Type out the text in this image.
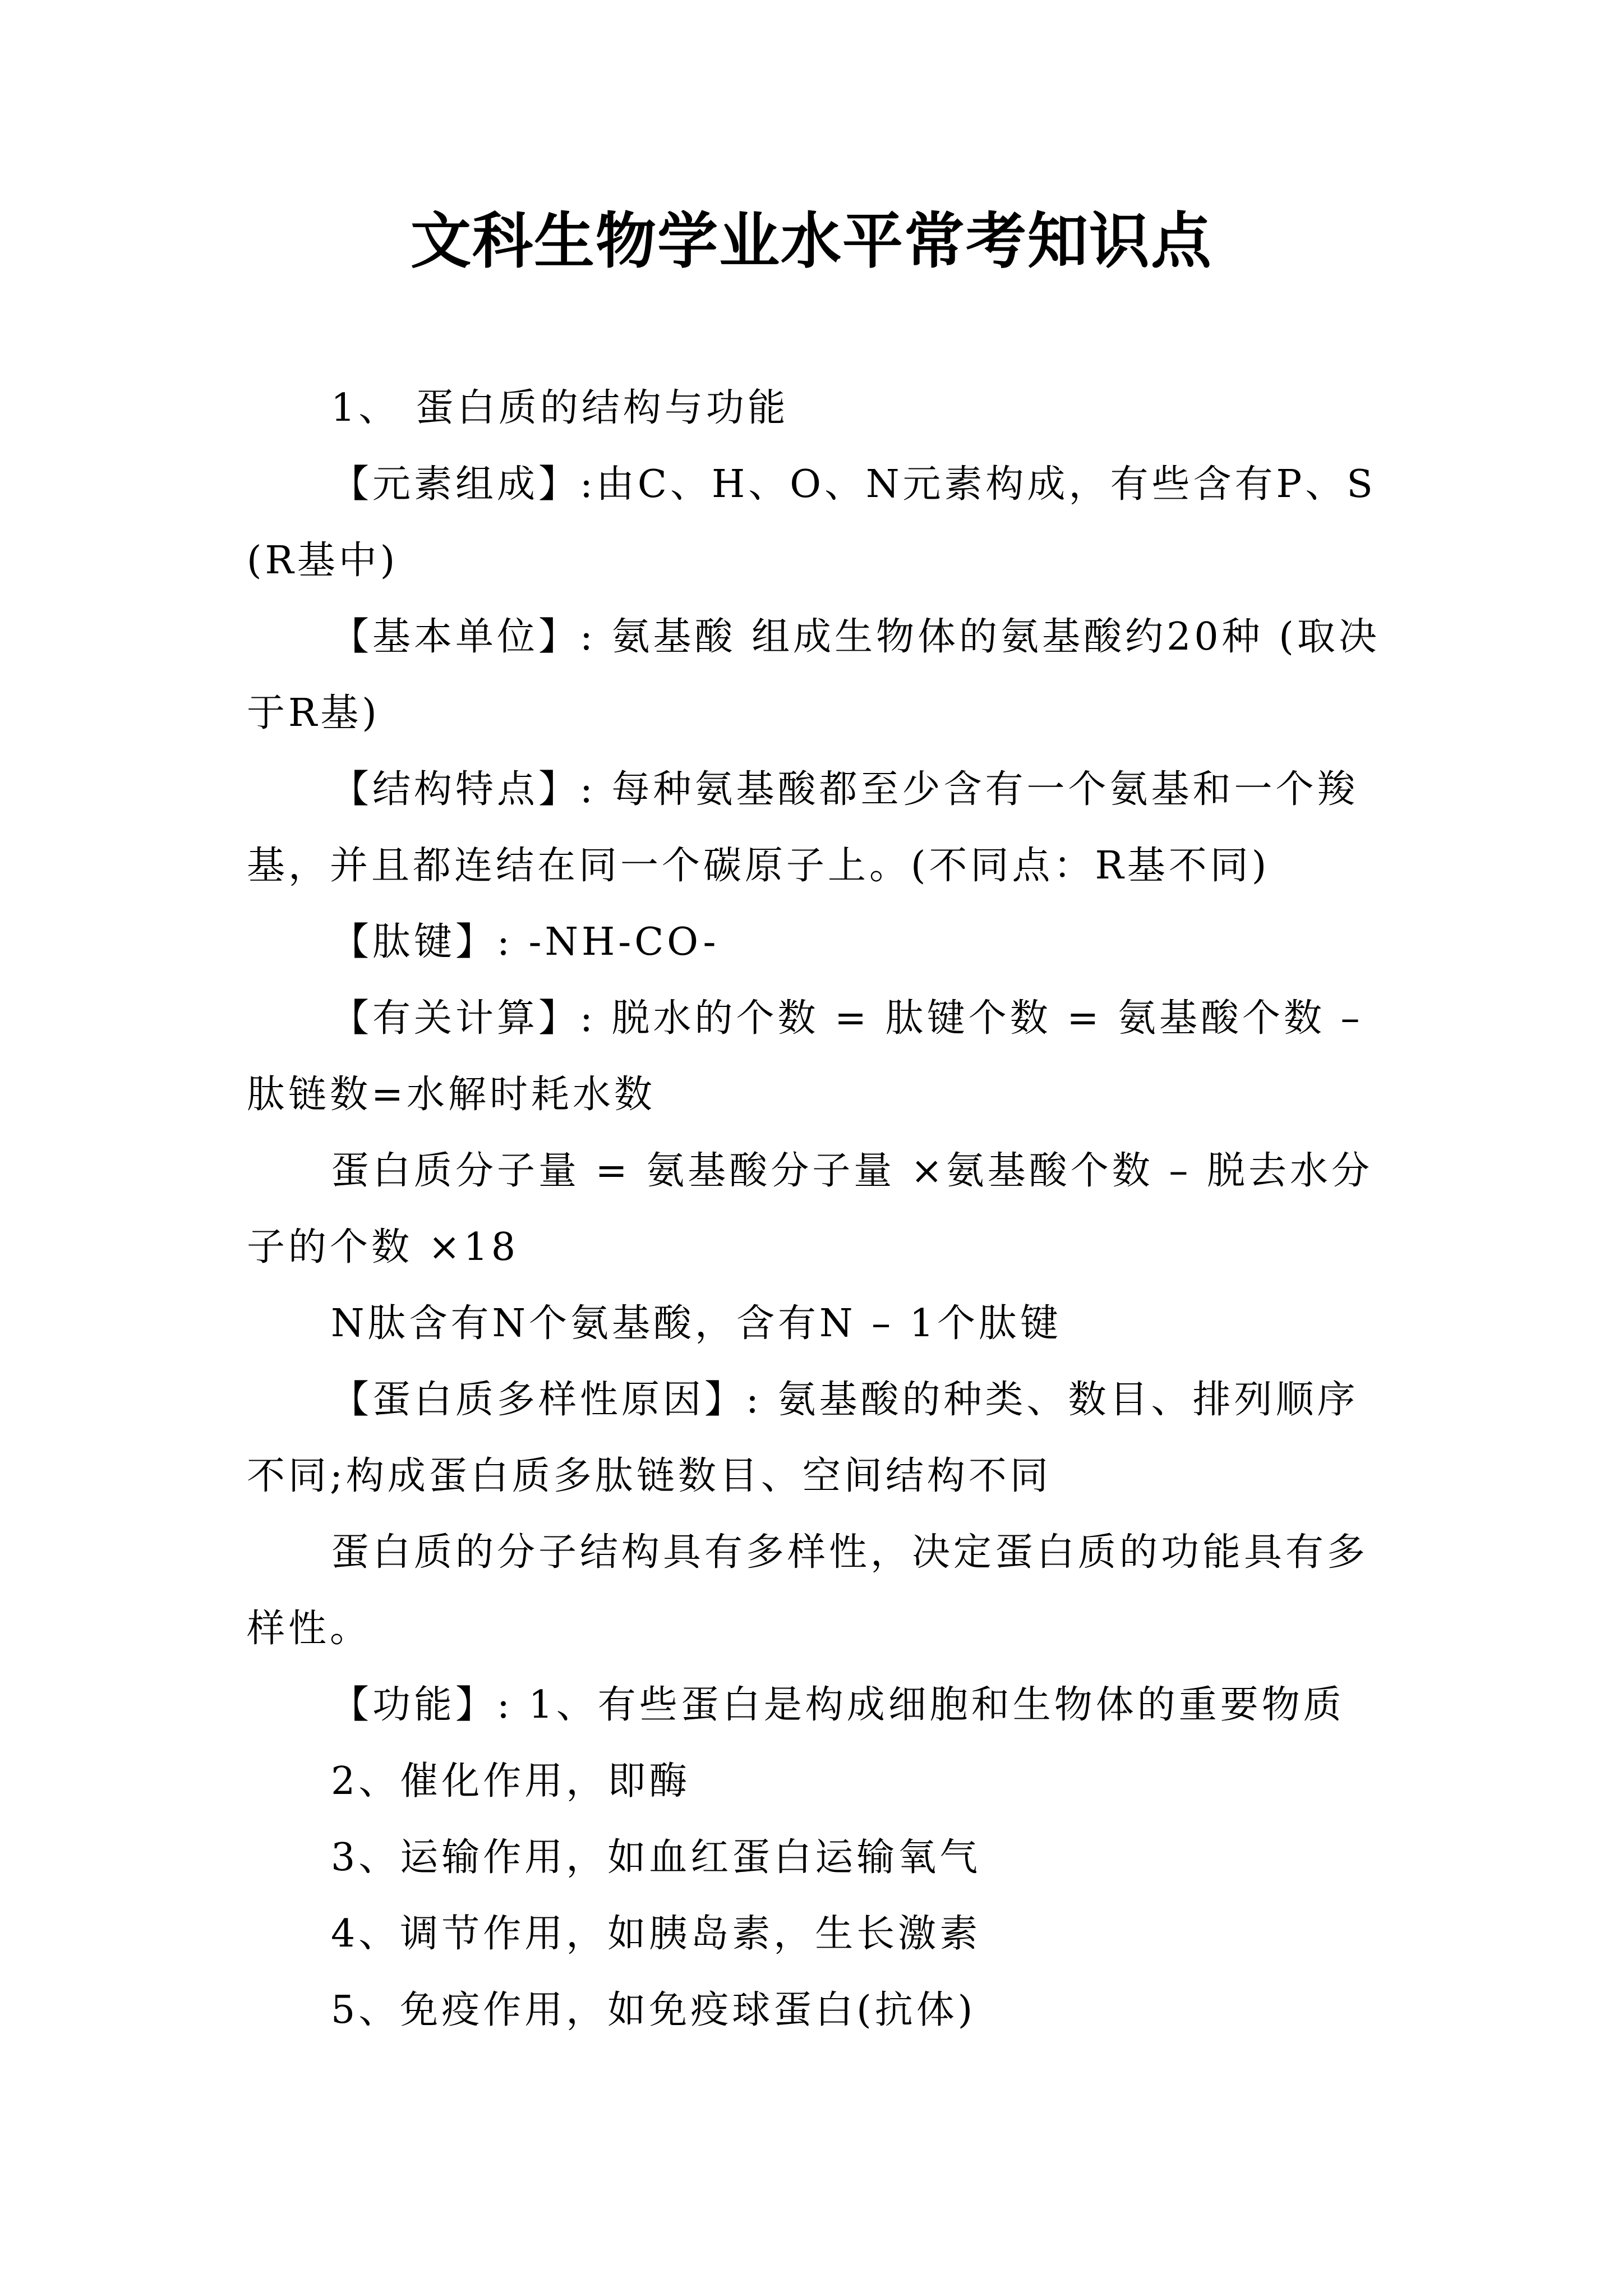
文科生物学业水平常考知识点

1、 蛋白质的结构与功能

【元素组成】:由C、H、O、N元素构成，有些含有P、S (R基中)

【基本单位】: 氨基酸 组成生物体的氨基酸约20种 (取决于R基)

【结构特点】: 每种氨基酸都至少含有一个氨基和一个羧基，并且都连结在同一个碳原子上。(不同点：R基不同)

【肽键】: -NH-CO-

【有关计算】: 脱水的个数 = 肽键个数 = 氨基酸个数 – 肽链数=水解时耗水数

蛋白质分子量 = 氨基酸分子量 ×氨基酸个数 – 脱去水分子的个数 ×18

N肽含有N个氨基酸，含有N – 1个肽键

【蛋白质多样性原因】: 氨基酸的种类、数目、排列顺序不同;构成蛋白质多肽链数目、空间结构不同

蛋白质的分子结构具有多样性，决定蛋白质的功能具有多样性。

【功能】: 1、有些蛋白是构成细胞和生物体的重要物质

2、催化作用，即酶

3、运输作用，如血红蛋白运输氧气

4、调节作用，如胰岛素，生长激素

5、免疫作用，如免疫球蛋白(抗体)
